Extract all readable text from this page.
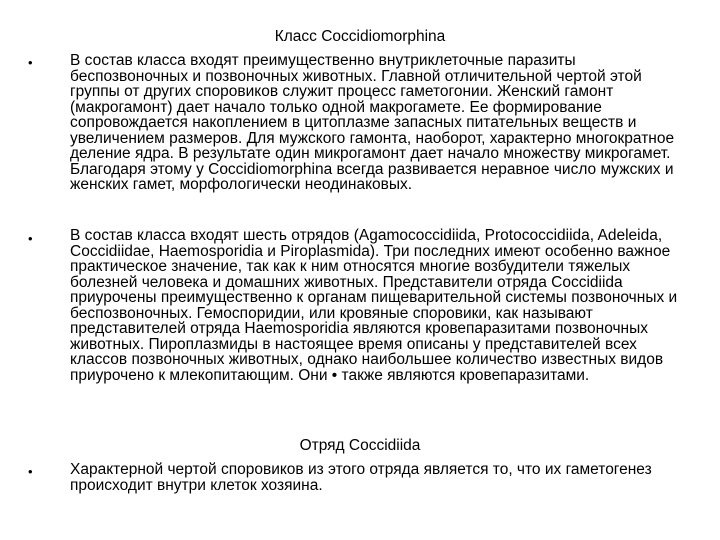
Класс Coccidiomorphina
• В состав класса входят преимущественно внутриклеточные паразиты беспозвоночных и позвоночных животных. Главной отличительной чертой этой группы от других споровиков служит процесс гаметогонии. Женский гамонт (макрогамонт) дает начало только одной макрогамете. Ее формирование сопровождается накоплением в цитоплазме запасных питательных веществ и увеличением размеров. Для мужского гамонта, наоборот, характерно многократное деление ядра. В результате один микрогамонт дает начало множеству микрогамет. Благодаря этому у Coccidiomorphina всегда развивается неравное число мужских и женских гамет, морфологически неодинаковых.

• В состав класса входят шесть отрядов (Agamococcidiida, Protococcidiida, Adeleida, Coccidiidae, Haemosporidia и Piroplasmida). Три последних имеют особенно важное практическое значение, так как к ним относятся многие возбудители тяжелых болезней человека и домашних животных. Представители отряда Coccidiida приурочены преимущественно к органам пищеварительной системы позвоночных и беспозвоночных. Гемоспоридии, или кровяные споровики, как называют представителей отряда Haemosporidia являются кровепаразитами позвоночных животных. Пироплазмиды в настоящее время описаны у представителей всех классов позвоночных животных, однако наибольшее количество известных видов приурочено к млекопитающим. Они • также являются кровепаразитами.

• Характерной чертой споровиков из этого отряда является то, что их гаметогенез происходит внутри клеток хозяина.

Отряд Coccidiida
